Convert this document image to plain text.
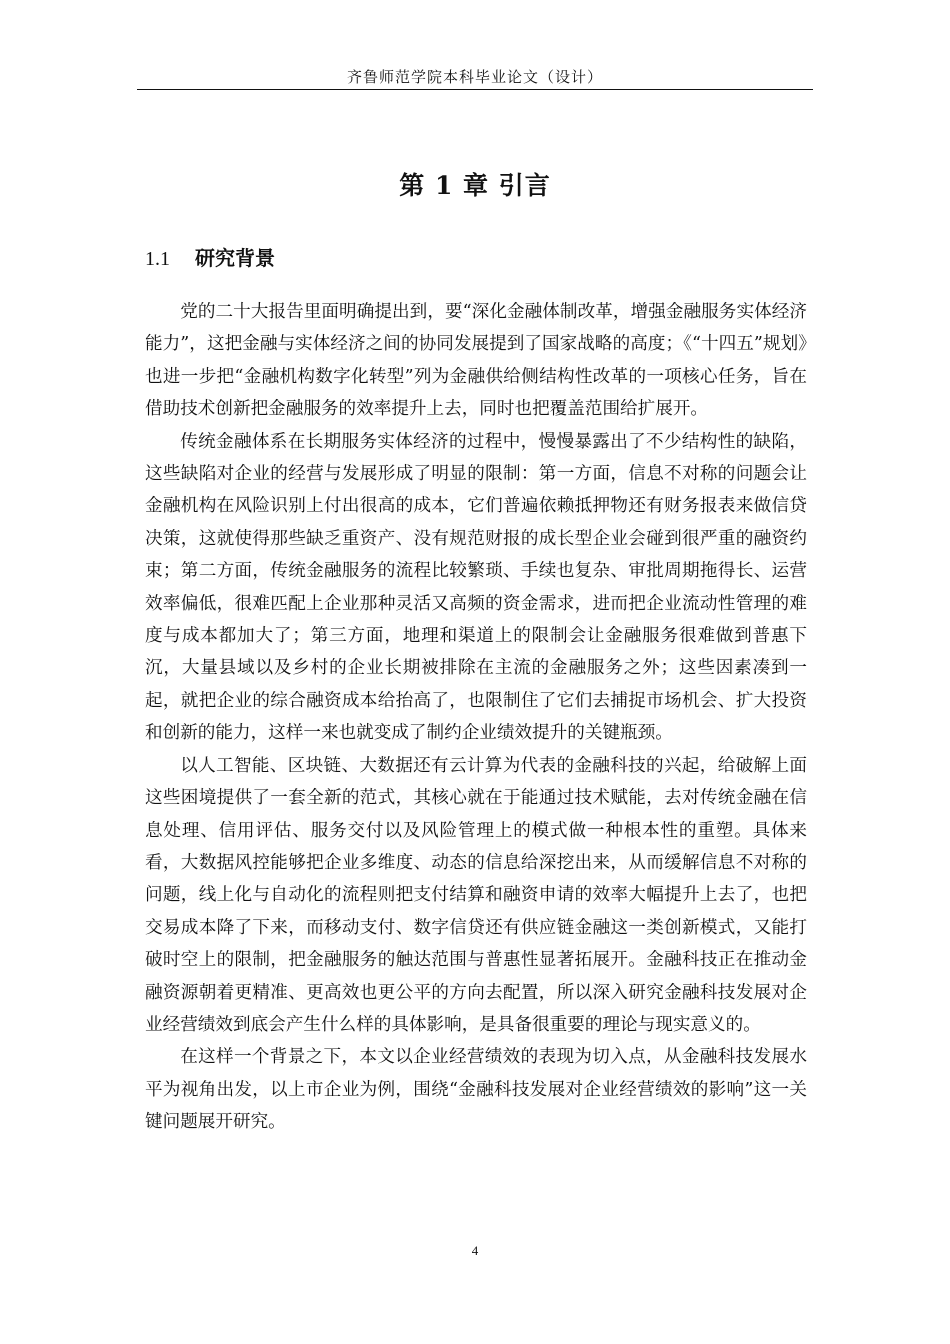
齐鲁师范学院本科毕业论文（设计）
第 1 章 引言
1.1 研究背景

党的二十大报告里面明确提出到，要“深化金融体制改革，增强金融服务实体经济能力”，这把金融与实体经济之间的协同发展提到了国家战略的高度；《“十四五”规划》也进一步把“金融机构数字化转型”列为金融供给侧结构性改革的一项核心任务，旨在借助技术创新把金融服务的效率提升上去，同时也把覆盖范围给扩展开。

传统金融体系在长期服务实体经济的过程中，慢慢暴露出了不少结构性的缺陷，这些缺陷对企业的经营与发展形成了明显的限制：第一方面，信息不对称的问题会让金融机构在风险识别上付出很高的成本，它们普遍依赖抵押物还有财务报表来做信贷决策，这就使得那些缺乏重资产、没有规范财报的成长型企业会碰到很严重的融资约束；第二方面，传统金融服务的流程比较繁琐、手续也复杂、审批周期拖得长、运营效率偏低，很难匹配上企业那种灵活又高频的资金需求，进而把企业流动性管理的难度与成本都加大了；第三方面，地理和渠道上的限制会让金融服务很难做到普惠下沉，大量县域以及乡村的企业长期被排除在主流的金融服务之外；这些因素凑到一起，就把企业的综合融资成本给抬高了，也限制住了它们去捕捉市场机会、扩大投资和创新的能力，这样一来也就变成了制约企业绩效提升的关键瓶颈。

以人工智能、区块链、大数据还有云计算为代表的金融科技的兴起，给破解上面这些困境提供了一套全新的范式，其核心就在于能通过技术赋能，去对传统金融在信息处理、信用评估、服务交付以及风险管理上的模式做一种根本性的重塑。具体来看，大数据风控能够把企业多维度、动态的信息给深挖出来，从而缓解信息不对称的问题，线上化与自动化的流程则把支付结算和融资申请的效率大幅提升上去了，也把交易成本降了下来，而移动支付、数字信贷还有供应链金融这一类创新模式，又能打破时空上的限制，把金融服务的触达范围与普惠性显著拓展开。金融科技正在推动金融资源朝着更精准、更高效也更公平的方向去配置，所以深入研究金融科技发展对企业经营绩效到底会产生什么样的具体影响，是具备很重要的理论与现实意义的。

在这样一个背景之下，本文以企业经营绩效的表现为切入点，从金融科技发展水平为视角出发，以上市企业为例，围绕“金融科技发展对企业经营绩效的影响”这一关键问题展开研究。

4
